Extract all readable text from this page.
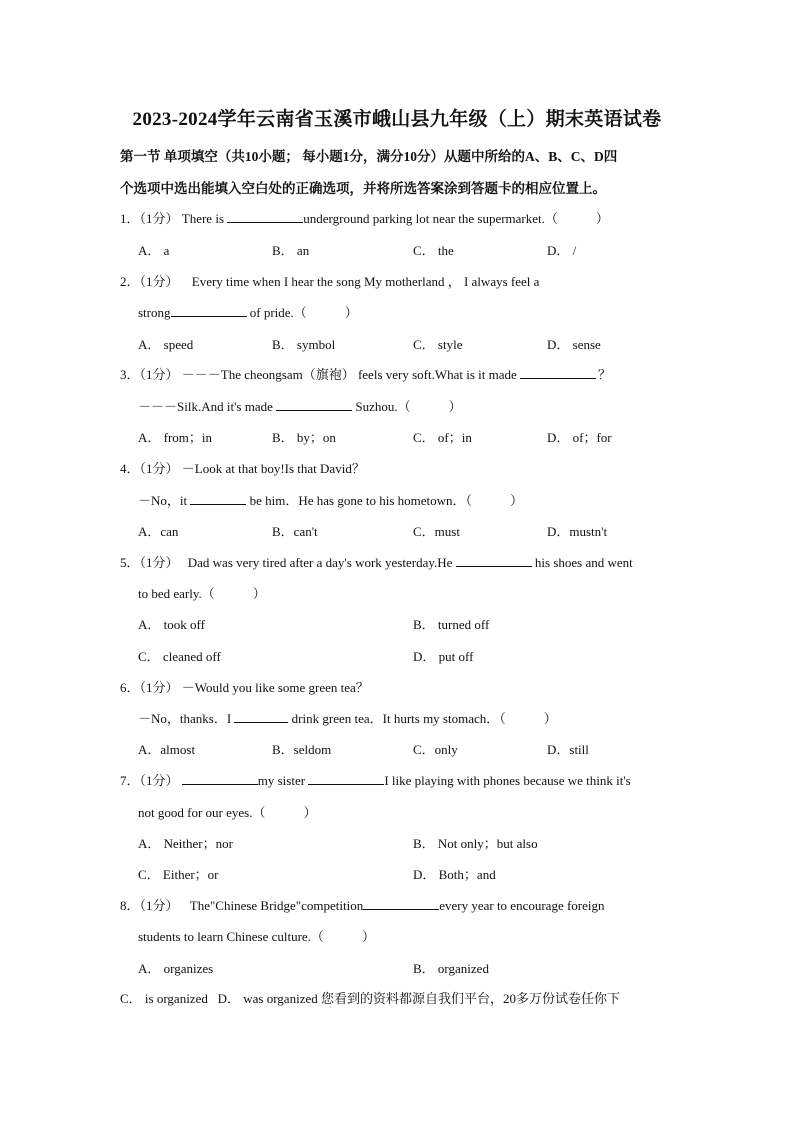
2023-2024学年云南省玉溪市峨山县九年级（上）期末英语试卷
第一节 单项填空（共10小题； 每小题1分，满分10分）从题中所给的A、B、C、D四
个选项中选出能填入空白处的正确选项，并将所选答案涂到答题卡的相应位置上。
1．（1分） There is	underground parking lot near the supermarket.（	）
A． a	B． an	C． the	D． /
2．（1分） Every time when I hear the song My motherland ， I always feel a
strong	of pride.（	）
A． speed	B． symbol	C． style	D． sense
3．（1分） －－－The cheongsam（旗袍） feels very soft.What is it made	？
－－－Silk.And it's made	Suzhou.（	）
A． from；in	B． by；on	C． of；in	D． of；for
4．（1分） －Look at that boy!Is that David？
－No，it	be him．He has gone to his hometown．（	）
A．can	B．can't	C．must	D．mustn't
5．（1分） Dad was very tired after a day's work yesterday.He	his shoes and went
to bed early.（	）
A． took off	B． turned off
C． cleaned off	D． put off
6．（1分） －Would you like some green tea？
－No，thanks．I	drink green tea．It hurts my stomach．（	）
A．almost	B．seldom	C．only	D．still
7．（1分）	my sister	I like playing with phones because we think it's
not good for our eyes.（	）
A． Neither；nor	B． Not only；but also
C． Either；or	D． Both；and
8．（1分） The"Chinese Bridge"competition	every year to encourage foreign
students to learn Chinese culture.（	）
A． organizes	B． organized
C． is organized D． was organized 您看到的资料都源自我们平台，20多万份试卷任你下
